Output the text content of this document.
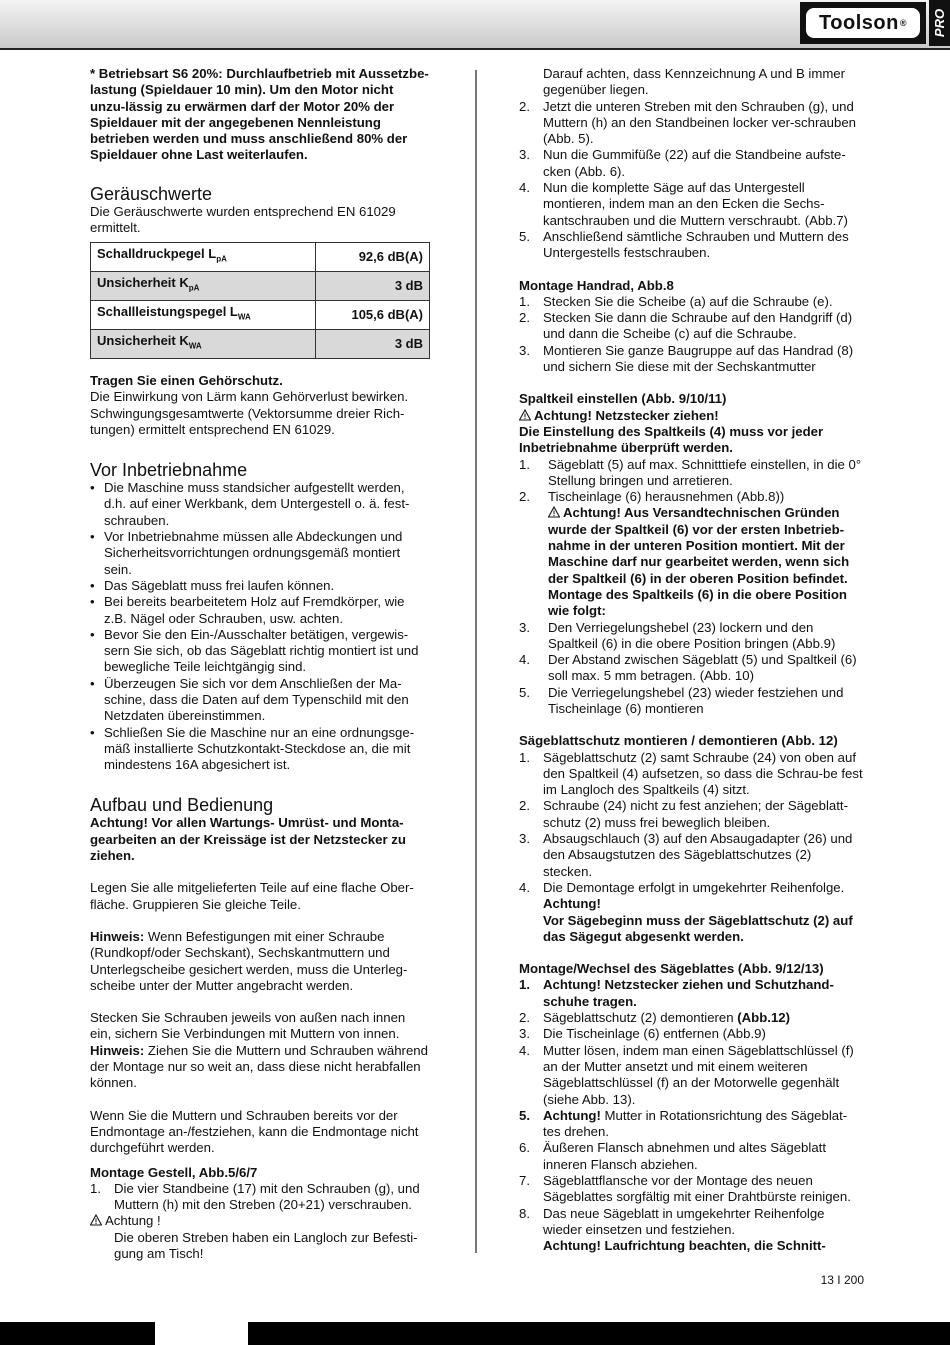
Toolson ® PRO

* Betriebsart S6 20%: Durchlaufbetrieb mit Aussetzbe-lastung (Spieldauer 10 min). Um den Motor nicht unzu-lässig zu erwärmen darf der Motor 20% der Spieldauer mit der angegebenen Nennleistung betrieben werden und muss anschließend 80% der Spieldauer ohne Last weiterlaufen.

Geräuschwerte

Die Geräuschwerte wurden entsprechend EN 61029 ermittelt.

Schalldruckpegel $L_{pA}$	92,6 dB(A)
Unsicherheit $K_{pA}$	3 dB
Schallleistungspegel $L_{WA}$	105,6 dB(A)
Unsicherheit $K_{WA}$	3 dB

Tragen Sie einen Gehörschutz.

Die Einwirkung von Lärm kann Gehörverlust bewirken. Schwingungsgesamtwerte (Vektorsumme dreier Rich-tungen) ermittelt entsprechend EN 61029.

Vor Inbetriebnahme
• Die Maschine muss standsicher aufgestellt werden, d.h. auf einer Werkbank, dem Untergestell o. ä. fest-schrauben.
• Vor Inbetriebnahme müssen alle Abdeckungen und Sicherheitsvorrichtungen ordnungsgemäß montiert sein.
• Das Sägeblatt muss frei laufen können.
• Bei bereits bearbeitetem Holz auf Fremdkörper, wie z.B. Nägel oder Schrauben, usw. achten.
• Bevor Sie den Ein-/Ausschalter betätigen, vergewis-sern Sie sich, ob das Sägeblatt richtig montiert ist und bewegliche Teile leichtgängig sind.
• Überzeugen Sie sich vor dem Anschließen der Ma-schine, dass die Daten auf dem Typenschild mit den Netzdaten übereinstimmen.
• Schließen Sie die Maschine nur an eine ordnungsge-mäß installierte Schutzkontakt-Steckdose an, die mit mindestens 16A abgesichert ist.
Aufbau und Bedienung

Achtung! Vor allen Wartungs- Umrüst- und Monta-gearbeiten an der Kreissäge ist der Netzstecker zu ziehen.

Legen Sie alle mitgelieferten Teile auf eine flache Ober-fläche. Gruppieren Sie gleiche Teile.

Hinweis: Wenn Befestigungen mit einer Schraube (Rundkopf/oder Sechskant), Sechskantmuttern und Unterlegscheibe gesichert werden, muss die Unterleg-scheibe unter der Mutter angebracht werden.

Stecken Sie Schrauben jeweils von außen nach innen ein, sichern Sie Verbindungen mit Muttern von innen.

Hinweis: Ziehen Sie die Muttern und Schrauben während der Montage nur so weit an, dass diese nicht herabfallen können.

Wenn Sie die Muttern und Schrauben bereits vor der Endmontage an-/festziehen, kann die Endmontage nicht durchgeführt werden.

Montage Gestell, Abb.5/6/7

1. Die vier Standbeine (17) mit den Schrauben (g), und Muttern (h) mit den Streben (20+21) verschrauben.

Achtung !

Die oberen Streben haben ein Langloch zur Befesti-gung am Tisch!

Darauf achten, dass Kennzeichnung A und B immer gegenüber liegen.

2. Jetzt die unteren Streben mit den Schrauben (g), und Muttern (h) an den Standbeinen locker ver-schrauben (Abb. 5).
3. Nun die Gummifüße (22) auf die Standbeine aufste-cken (Abb. 6).
4. Nun die komplette Säge auf das Untergestell montieren, indem man an den Ecken die Sechs-kantschrauben und die Muttern verschraubt. (Abb.7)
5. Anschließend sämtliche Schrauben und Muttern des Untergestells festschrauben.

Montage Handrad, Abb.8

1. Stecken Sie die Scheibe (a) auf die Schraube (e).
2. Stecken Sie dann die Schraube auf den Handgriff (d) und dann die Scheibe (c) auf die Schraube.
3. Montieren Sie ganze Baugruppe auf das Handrad (8) und sichern Sie diese mit der Sechskantmutter

Spaltkeil einstellen (Abb. 9/10/11)

Achtung! Netzstecker ziehen!

Die Einstellung des Spaltkeils (4) muss vor jeder Inbetriebnahme überprüft werden.

1. Sägeblatt (5) auf max. Schnitttiefe einstellen, in die 0° Stellung bringen und arretieren.
2. Tischeinlage (6) herausnehmen (Abb.8))

Achtung! Aus Versandtechnischen Gründen wurde der Spaltkeil (6) vor der ersten Inbetrieb-nahme in der unteren Position montiert. Mit der Maschine darf nur gearbeitet werden, wenn sich der Spaltkeil (6) in der oberen Position befindet. Montage des Spaltkeils (6) in die obere Position wie folgt:

3. Den Verriegelungshebel (23) lockern und den Spaltkeil (6) in die obere Position bringen (Abb.9)
4. Der Abstand zwischen Sägeblatt (5) und Spaltkeil (6) soll max. 5 mm betragen. (Abb. 10)
5. Die Verriegelungshebel (23) wieder festziehen und Tischeinlage (6) montieren

Sägeblattschutz montieren / demontieren (Abb. 12)

1. Sägeblattschutz (2) samt Schraube (24) von oben auf den Spaltkeil (4) aufsetzen, so dass die Schrau-be fest im Langloch des Spaltkeils (4) sitzt.
2. Schraube (24) nicht zu fest anziehen; der Sägeblatt-schutz (2) muss frei beweglich bleiben.
3. Absaugschlauch (3) auf den Absaugadapter (26) und den Absaugstutzen des Sägeblattschutzes (2) stecken.
4. Die Demontage erfolgt in umgekehrter Reihenfolge.

Achtung!

Vor Sägebeginn muss der Sägeblattschutz (2) auf das Sägegut abgesenkt werden.

Montage/Wechsel des Sägeblattes (Abb. 9/12/13)

1. Achtung! Netzstecker ziehen und Schutzhand-schuhe tragen.
2. Sägeblattschutz (2) demontieren (Abb.12)
3. Die Tischeinlage (6) entfernen (Abb.9)
4. Mutter lösen, indem man einen Sägeblattschlüssel (f) an der Mutter ansetzt und mit einem weiteren Sägeblattschlüssel (f) an der Motorwelle gegenhält (siehe Abb. 13).
5. Achtung! Mutter in Rotationsrichtung des Sägeblat-tes drehen.
6. Äußeren Flansch abnehmen und altes Sägeblatt inneren Flansch abziehen.
7. Sägeblattflansche vor der Montage des neuen Sägeblattes sorgfältig mit einer Drahtbürste reinigen.
8. Das neue Sägeblatt in umgekehrter Reihenfolge wieder einsetzen und festziehen.

Achtung! Laufrichtung beachten, die Schnitt-

13 I 200
